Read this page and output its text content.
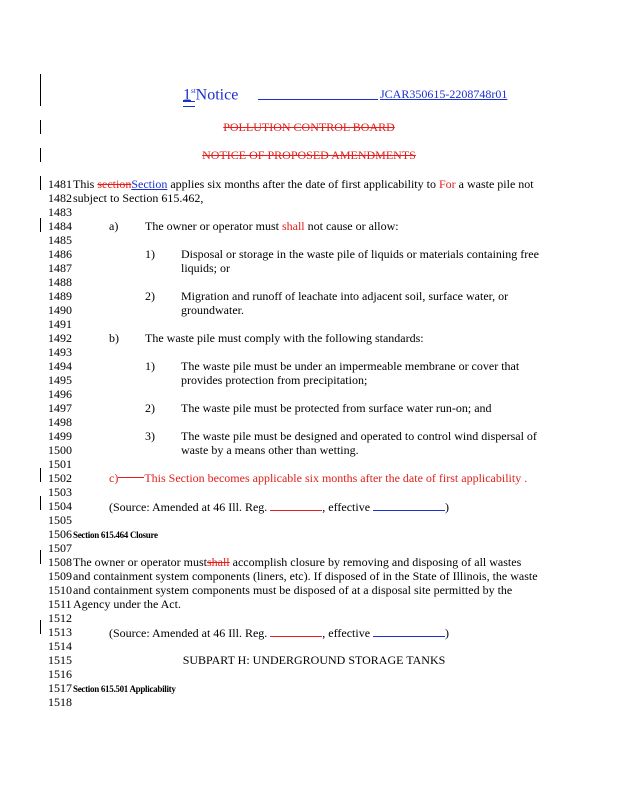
1stNotice	JCAR350615-2208748r01
POLLUTION CONTROL BOARD
NOTICE OF PROPOSED AMENDMENTS
1481
1482
1483
1484
1485
1486
1487
1488
1489
1490
1491
1492
1493
1494
1495
1496
1497
1498
1499
1500
1501
1502
1503
1504
1505
1506
1507
1508
1509
1510
1511
1512
1513
1514
1515
1516
1517
1518
This sectionSection applies six months after the date of first applicability to For a waste pile not
subject to Section 615.462,
a) The owner or operator must shall not cause or allow:
1) Disposal or storage in the waste pile of liquids or materials containing free
liquids; or
2) Migration and runoff of leachate into adjacent soil, surface water, or
groundwater.
b) The waste pile must comply with the following standards:
1) The waste pile must be under an impermeable membrane or cover that
provides protection from precipitation;
2) The waste pile must be protected from surface water run-on; and
3) The waste pile must be designed and operated to control wind dispersal of
waste by a means other than wetting.
c) This Section becomes applicable six months after the date of first applicability .
(Source: Amended at 46 Ill. Reg.	, effective	)
Section 615.464 Closure
The owner or operator mustshall accomplish closure by removing and disposing of all wastes
and containment system components (liners, etc). If disposed of in the State of Illinois, the waste
and containment system components must be disposed of at a disposal site permitted by the
Agency under the Act.
(Source: Amended at 46 Ill. Reg.	, effective	)
SUBPART H: UNDERGROUND STORAGE TANKS
Section 615.501 Applicability
